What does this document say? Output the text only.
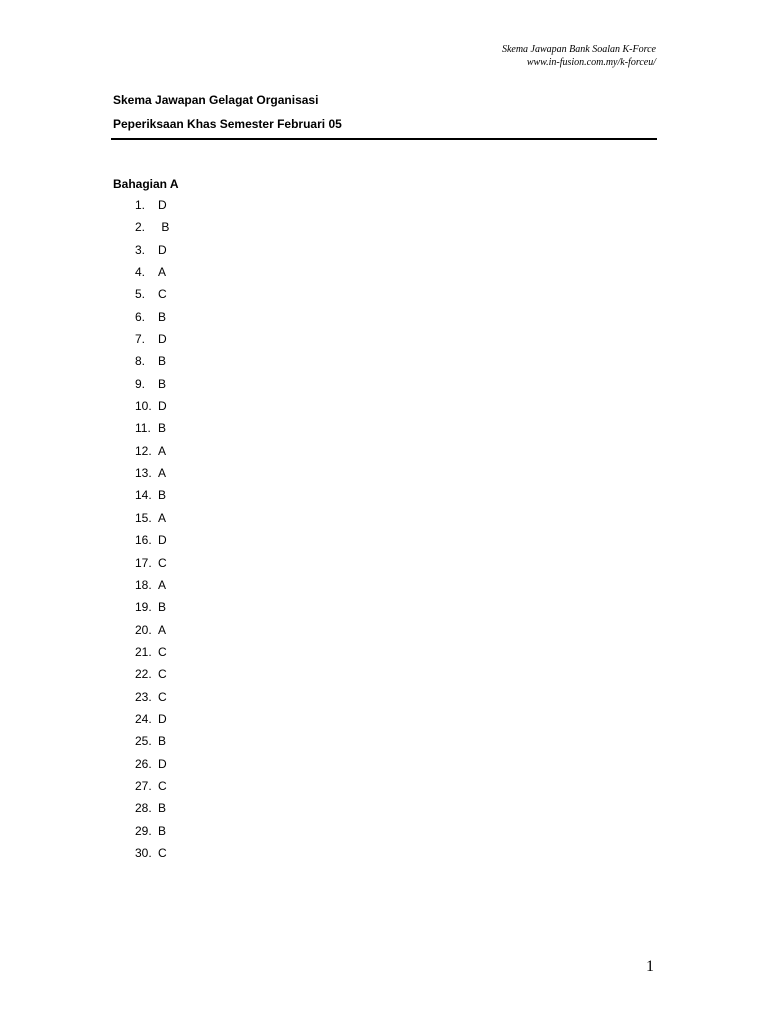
Skema Jawapan Bank Soalan K-Force
www.in-fusion.com.my/k-forceu/
Skema Jawapan Gelagat Organisasi
Peperiksaan Khas Semester Februari 05
Bahagian A
1.	D
2.	B
3.	D
4.	A
5.	C
6.	B
7.	D
8.	B
9.	B
10. D
11. B
12. A
13. A
14. B
15. A
16. D
17. C
18. A
19. B
20. A
21. C
22. C
23. C
24. D
25. B
26. D
27. C
28. B
29. B
30. C
1
